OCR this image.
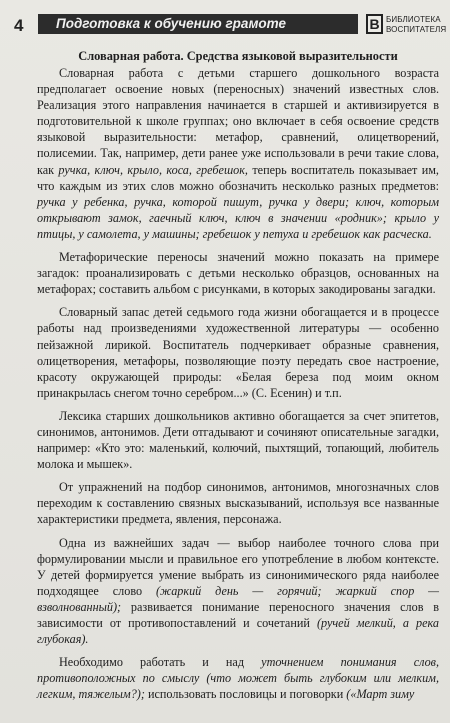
4	Подготовка к обучению грамоте	В БИБЛИОТЕКА
ВОСПИТАТЕЛЯ
Словарная работа. Средства языковой выразительности

Словарная работа с детьми старшего дошкольного возраста предполагает освоение новых (переносных) значений известных слов. Реализация этого направления начинается в старшей и активизируется в подготовительной к школе группах; оно включает в себя освоение средств языковой выразительности: метафор, сравнений, олицетворений, полисемии. Так, например, дети ранее уже использовали в речи такие слова, как ручка, ключ, крыло, коса, гребешок, теперь воспитатель показывает им, что каждым из этих слов можно обозначить несколько разных предметов: ручка у ребенка, ручка, которой пишут, ручка у двери; ключ, которым открывают замок, гаечный ключ, ключ в значении «родник»; крыло у птицы, у самолета, у машины; гребешок у петуха и гребешок как расческа.

Метафорические переносы значений можно показать на примере загадок: проанализировать с детьми несколько образцов, основанных на метафорах; составить альбом с рисунками, в которых закодированы загадки.

Словарный запас детей седьмого года жизни обогащается и в процессе работы над произведениями художественной литературы — особенно пейзажной лирикой. Воспитатель подчеркивает образные сравнения, олицетворения, метафоры, позволяющие поэту передать свое настроение, красоту окружающей природы: «Белая береза под моим окном принакрылась снегом точно серебром...» (С. Есенин) и т.п.

Лексика старших дошкольников активно обогащается за счет эпитетов, синонимов, антонимов. Дети отгадывают и сочиняют описательные загадки, например: «Кто это: маленький, колючий, пыхтящий, топающий, любитель молока и мышек».

От упражнений на подбор синонимов, антонимов, многозначных слов переходим к составлению связных высказываний, используя все названные характеристики предмета, явления, персонажа.

Одна из важнейших задач — выбор наиболее точного слова при формулировании мысли и правильное его употребление в любом контексте. У детей формируется умение выбрать из синонимического ряда наиболее подходящее слово (жаркий день — горячий; жаркий спор — взволнованный); развивается понимание переносного значения слов в зависимости от противопоставлений и сочетаний (ручей мелкий, а река глубокая).

Необходимо работать и над уточнением понимания слов, противоположных по смыслу (что может быть глубоким или мелким, легким, тяжелым?); использовать пословицы и поговорки («Март зиму
